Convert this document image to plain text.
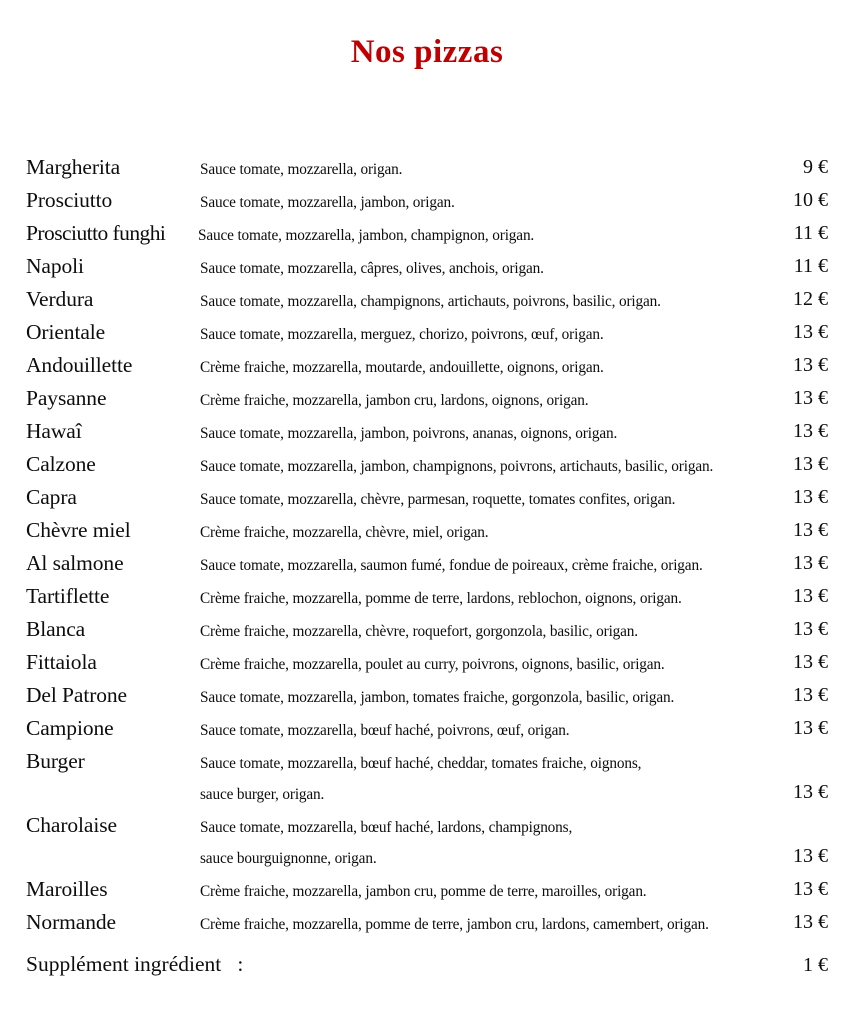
Nos pizzas
Margherita	Sauce tomate, mozzarella, origan.	9 €
Prosciutto	Sauce tomate, mozzarella, jambon, origan.	10 €
Prosciutto funghi	Sauce tomate, mozzarella, jambon, champignon, origan.	11 €
Napoli	Sauce tomate, mozzarella, câpres, olives, anchois, origan.	11 €
Verdura	Sauce tomate, mozzarella, champignons, artichauts, poivrons, basilic, origan.	12 €
Orientale	Sauce tomate, mozzarella, merguez, chorizo, poivrons, œuf, origan.	13 €
Andouillette	Crème fraiche, mozzarella, moutarde, andouillette, oignons, origan.	13 €
Paysanne	Crème fraiche, mozzarella, jambon cru, lardons, oignons, origan.	13 €
Hawaî	Sauce tomate, mozzarella, jambon, poivrons, ananas, oignons, origan.	13 €
Calzone	Sauce tomate, mozzarella, jambon, champignons, poivrons, artichauts, basilic, origan.	13 €
Capra	Sauce tomate, mozzarella, chèvre, parmesan, roquette, tomates confites, origan.	13 €
Chèvre miel	Crème fraiche, mozzarella, chèvre, miel, origan.	13 €
Al salmone	Sauce tomate, mozzarella, saumon fumé, fondue de poireaux, crème fraiche, origan.	13 €
Tartiflette	Crème fraiche, mozzarella, pomme de terre, lardons, reblochon, oignons, origan.	13 €
Blanca	Crème fraiche, mozzarella, chèvre, roquefort, gorgonzola, basilic, origan.	13 €
Fittaiola	Crème fraiche, mozzarella, poulet au curry, poivrons, oignons, basilic, origan.	13 €
Del Patrone	Sauce tomate, mozzarella, jambon, tomates fraiche, gorgonzola, basilic, origan.	13 €
Campione	Sauce tomate, mozzarella, bœuf haché, poivrons, œuf, origan.	13 €
Burger	Sauce tomate, mozzarella, bœuf haché, cheddar, tomates fraiche, oignons,
sauce burger, origan.	13 €
Charolaise	Sauce tomate, mozzarella, bœuf haché, lardons, champignons,
sauce bourguignonne, origan.	13 €
Maroilles	Crème fraiche, mozzarella, jambon cru, pomme de terre, maroilles, origan.	13 €
Normande	Crème fraiche, mozzarella, pomme de terre, jambon cru, lardons, camembert, origan.	13 €
Supplément ingrédient   :	1 €
